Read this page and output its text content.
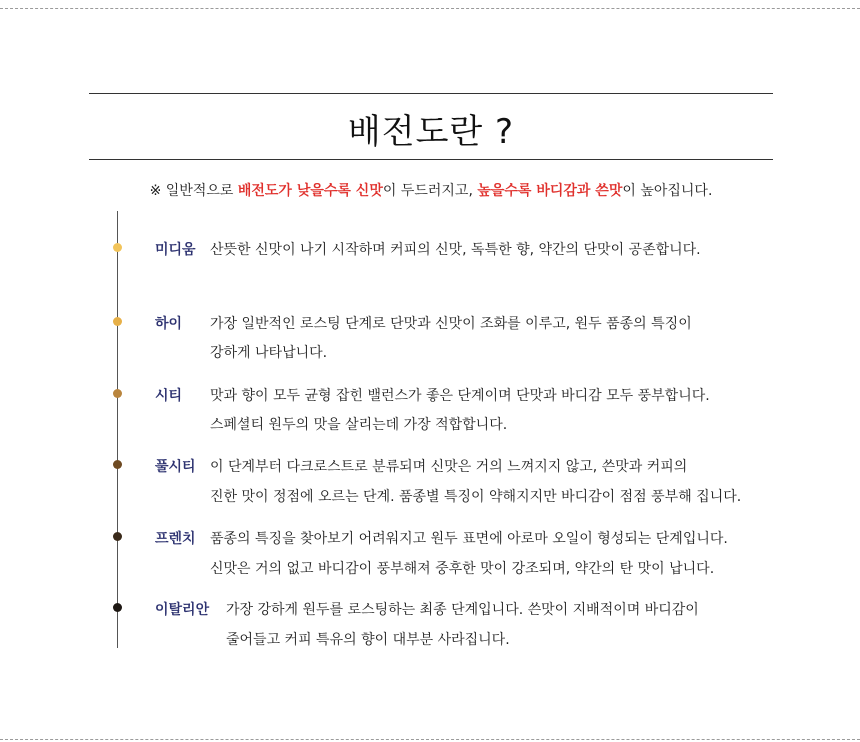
배전도란 ?
※ 일반적으로 배전도가 낮을수록 신맛이 두드러지고, 높을수록 바디감과 쓴맛이 높아집니다.
미디움 산뜻한 신맛이 나기 시작하며 커피의 신맛, 독특한 향, 약간의 단맛이 공존합니다.
하이 가장 일반적인 로스팅 단계로 단맛과 신맛이 조화를 이루고, 원두 품종의 특징이
강하게 나타납니다.
시티 맛과 향이 모두 균형 잡힌 밸런스가 좋은 단계이며 단맛과 바디감 모두 풍부합니다.
스페셜티 원두의 맛을 살리는데 가장 적합합니다.
풀시티 이 단계부터 다크로스트로 분류되며 신맛은 거의 느껴지지 않고, 쓴맛과 커피의
진한 맛이 정점에 오르는 단계. 품종별 특징이 약해지지만 바디감이 점점 풍부해 집니다.
프렌치 품종의 특징을 찾아보기 어려워지고 원두 표면에 아로마 오일이 형성되는 단계입니다.
신맛은 거의 없고 바디감이 풍부해져 중후한 맛이 강조되며, 약간의 탄 맛이 납니다.
이탈리안 가장 강하게 원두를 로스팅하는 최종 단계입니다. 쓴맛이 지배적이며 바디감이
줄어들고 커피 특유의 향이 대부분 사라집니다.
